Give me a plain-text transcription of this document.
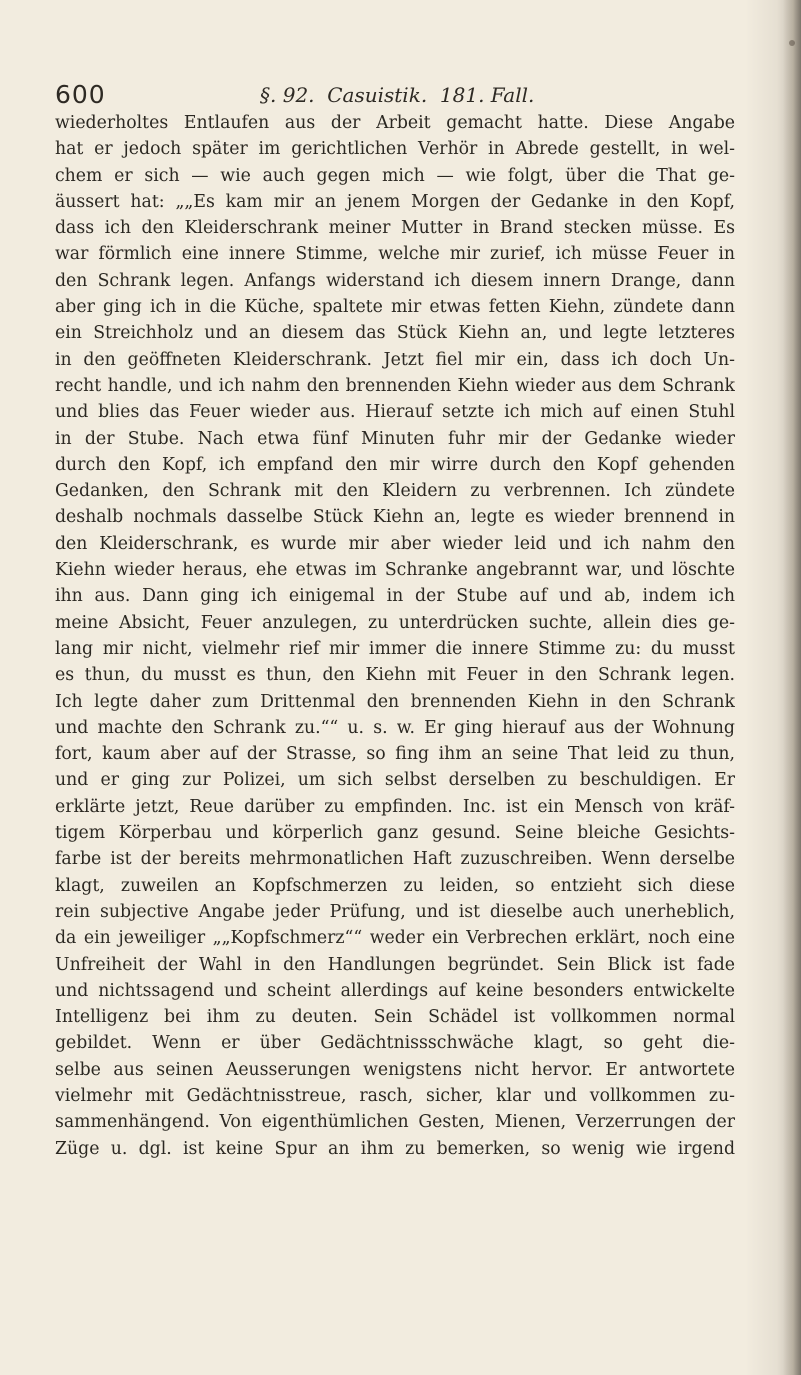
600	§. 92.  Casuistik.  181. Fall.
wiederholtes Entlaufen aus der Arbeit gemacht hatte. Diese Angabe
hat er jedoch später im gerichtlichen Verhör in Abrede gestellt, in wel-
chem er sich — wie auch gegen mich — wie folgt, über die That ge-
äussert hat: „„Es kam mir an jenem Morgen der Gedanke in den Kopf,
dass ich den Kleiderschrank meiner Mutter in Brand stecken müsse. Es
war förmlich eine innere Stimme, welche mir zurief, ich müsse Feuer in
den Schrank legen. Anfangs widerstand ich diesem innern Drange, dann
aber ging ich in die Küche, spaltete mir etwas fetten Kiehn, zündete dann
ein Streichholz und an diesem das Stück Kiehn an, und legte letzteres
in den geöffneten Kleiderschrank. Jetzt fiel mir ein, dass ich doch Un-
recht handle, und ich nahm den brennenden Kiehn wieder aus dem Schrank
und blies das Feuer wieder aus. Hierauf setzte ich mich auf einen Stuhl
in der Stube. Nach etwa fünf Minuten fuhr mir der Gedanke wieder
durch den Kopf, ich empfand den mir wirre durch den Kopf gehenden
Gedanken, den Schrank mit den Kleidern zu verbrennen. Ich zündete
deshalb nochmals dasselbe Stück Kiehn an, legte es wieder brennend in
den Kleiderschrank, es wurde mir aber wieder leid und ich nahm den
Kiehn wieder heraus, ehe etwas im Schranke angebrannt war, und löschte
ihn aus. Dann ging ich einigemal in der Stube auf und ab, indem ich
meine Absicht, Feuer anzulegen, zu unterdrücken suchte, allein dies ge-
lang mir nicht, vielmehr rief mir immer die innere Stimme zu: du musst
es thun, du musst es thun, den Kiehn mit Feuer in den Schrank legen.
Ich legte daher zum Drittenmal den brennenden Kiehn in den Schrank
und machte den Schrank zu.““ u. s. w. Er ging hierauf aus der Wohnung
fort, kaum aber auf der Strasse, so fing ihm an seine That leid zu thun,
und er ging zur Polizei, um sich selbst derselben zu beschuldigen. Er
erklärte jetzt, Reue darüber zu empfinden. Inc. ist ein Mensch von kräf-
tigem Körperbau und körperlich ganz gesund. Seine bleiche Gesichts-
farbe ist der bereits mehrmonatlichen Haft zuzuschreiben. Wenn derselbe
klagt, zuweilen an Kopfschmerzen zu leiden, so entzieht sich diese
rein subjective Angabe jeder Prüfung, und ist dieselbe auch unerheblich,
da ein jeweiliger „„Kopfschmerz““ weder ein Verbrechen erklärt, noch eine
Unfreiheit der Wahl in den Handlungen begründet. Sein Blick ist fade
und nichtssagend und scheint allerdings auf keine besonders entwickelte
Intelligenz bei ihm zu deuten. Sein Schädel ist vollkommen normal
gebildet. Wenn er über Gedächtnissschwäche klagt, so geht die-
selbe aus seinen Aeusserungen wenigstens nicht hervor. Er antwortete
vielmehr mit Gedächtnisstreue, rasch, sicher, klar und vollkommen zu-
sammenhängend. Von eigenthümlichen Gesten, Mienen, Verzerrungen der
Züge u. dgl. ist keine Spur an ihm zu bemerken, so wenig wie irgend
